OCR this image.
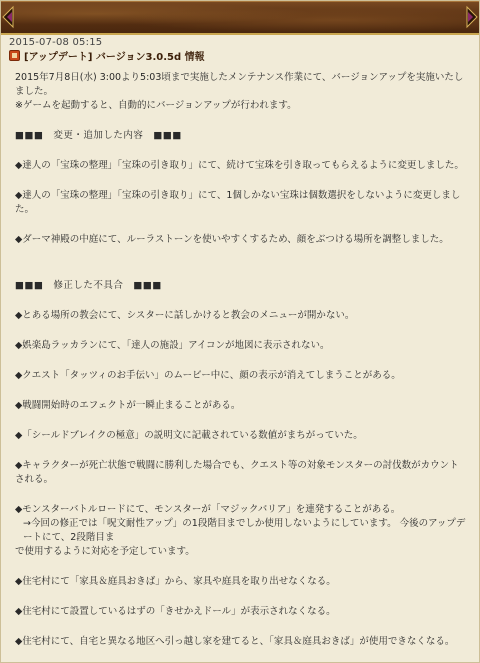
2015-07-08 05:15
[アップデート] バージョン3.0.5d 情報

2015年7月8日(水) 3:00より5:03頃まで実施したメンテナンス作業にて、バージョンアップを実施いたしました。

※ゲームを起動すると、自動的にバージョンアップが行われます。

■■■　変更・追加した内容　■■■

◆達人の「宝珠の整理」「宝珠の引き取り」にて、続けて宝珠を引き取ってもらえるように変更しました。

◆達人の「宝珠の整理」「宝珠の引き取り」にて、1個しかない宝珠は個数選択をしないように変更しました。

◆ダーマ神殿の中庭にて、ルーラストーンを使いやすくするため、顔をぶつける場所を調整しました。

■■■　修正した不具合　■■■

◆とある場所の教会にて、シスターに話しかけると教会のメニューが開かない。

◆娯楽島ラッカランにて、「達人の施設」アイコンが地図に表示されない。

◆クエスト「タッツィのお手伝い」のムービー中に、顔の表示が消えてしまうことがある。

◆戦闘開始時のエフェクトが一瞬止まることがある。

◆「シールドブレイクの極意」の説明文に記載されている数値がまちがっていた。

◆キャラクターが死亡状態で戦闘に勝利した場合でも、クエスト等の対象モンスターの討伐数がカウントされる。

◆モンスターバトルロードにて、モンスターが「マジックバリア」を連発することがある。

→今回の修正では「呪文耐性アップ」の1段階目までしか使用しないようにしています。 今後のアップデートにて、2段階目ま

で使用するように対応を予定しています。

◆住宅村にて「家具＆庭具おきば」から、家具や庭具を取り出せなくなる。

◆住宅村にて設置しているはずの「きせかえドール」が表示されなくなる。

◆住宅村にて、自宅と異なる地区へ引っ越し家を建てると、「家具＆庭具おきば」が使用できなくなる。
